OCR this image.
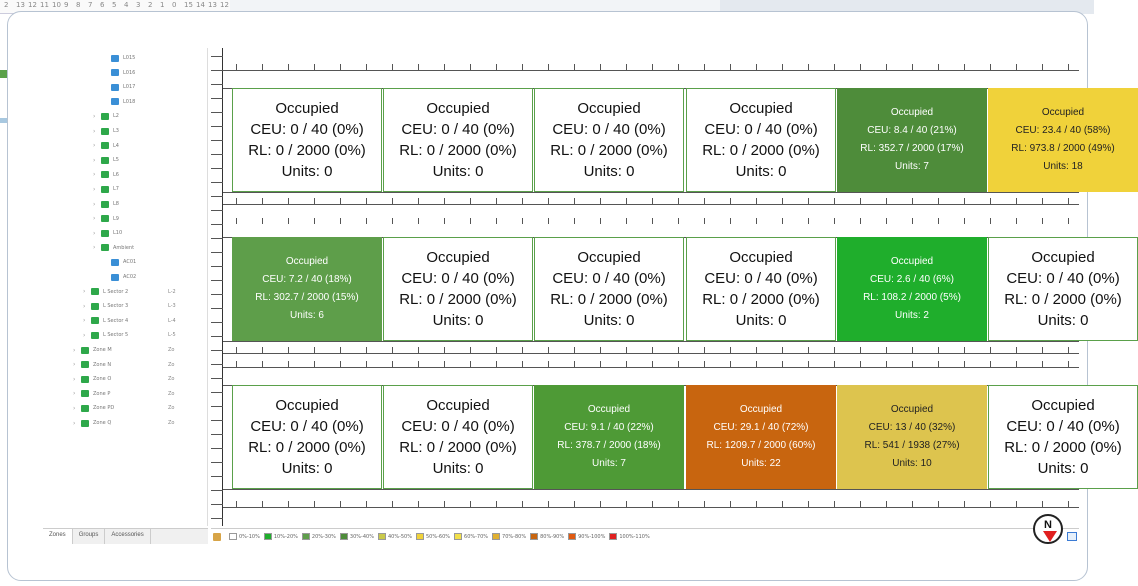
2 13 12 11 10 9 8 7 6 5 4 3 2 1 0 15 14 13 12
L015
L016
L017
L018
›	L2
›	L3
›	L4
›	L5
›	L6
›	L7
›	L8
›	L9
›	L10
›	Ambient
AC01
AC02
›	L Sector 2	L-2
›	L Sector 3	L-3
›	L Sector 4	L-4
›	L Sector 5	L-5
›	Zone M	Zo
›	Zone N	Zo
›	Zone O	Zo
›	Zone P	Zo
›	Zone PD	Zo
›	Zone Q	Zo
Zones	Groups	Accessories
Occupied
CEU: 0 / 40 (0%)
RL: 0 / 2000 (0%)
Units: 0
Occupied
CEU: 0 / 40 (0%)
RL: 0 / 2000 (0%)
Units: 0
Occupied
CEU: 0 / 40 (0%)
RL: 0 / 2000 (0%)
Units: 0
Occupied
CEU: 0 / 40 (0%)
RL: 0 / 2000 (0%)
Units: 0
Occupied
CEU: 8.4 / 40 (21%)
RL: 352.7 / 2000 (17%)
Units: 7
Occupied
CEU: 23.4 / 40 (58%)
RL: 973.8 / 2000 (49%)
Units: 18
Occupied
CEU: 7.2 / 40 (18%)
RL: 302.7 / 2000 (15%)
Units: 6
Occupied
CEU: 0 / 40 (0%)
RL: 0 / 2000 (0%)
Units: 0
Occupied
CEU: 0 / 40 (0%)
RL: 0 / 2000 (0%)
Units: 0
Occupied
CEU: 0 / 40 (0%)
RL: 0 / 2000 (0%)
Units: 0
Occupied
CEU: 2.6 / 40 (6%)
RL: 108.2 / 2000 (5%)
Units: 2
Occupied
CEU: 0 / 40 (0%)
RL: 0 / 2000 (0%)
Units: 0
Occupied
CEU: 0 / 40 (0%)
RL: 0 / 2000 (0%)
Units: 0
Occupied
CEU: 0 / 40 (0%)
RL: 0 / 2000 (0%)
Units: 0
Occupied
CEU: 9.1 / 40 (22%)
RL: 378.7 / 2000 (18%)
Units: 7
Occupied
CEU: 29.1 / 40 (72%)
RL: 1209.7 / 2000 (60%)
Units: 22
Occupied
CEU: 13 / 40 (32%)
RL: 541 / 1938 (27%)
Units: 10
Occupied
CEU: 0 / 40 (0%)
RL: 0 / 2000 (0%)
Units: 0
0%-10%	10%-20%	20%-30%	30%-40%	40%-50%	50%-60%	60%-70%	70%-80%	80%-90%	90%-100%	100%-110%
N
